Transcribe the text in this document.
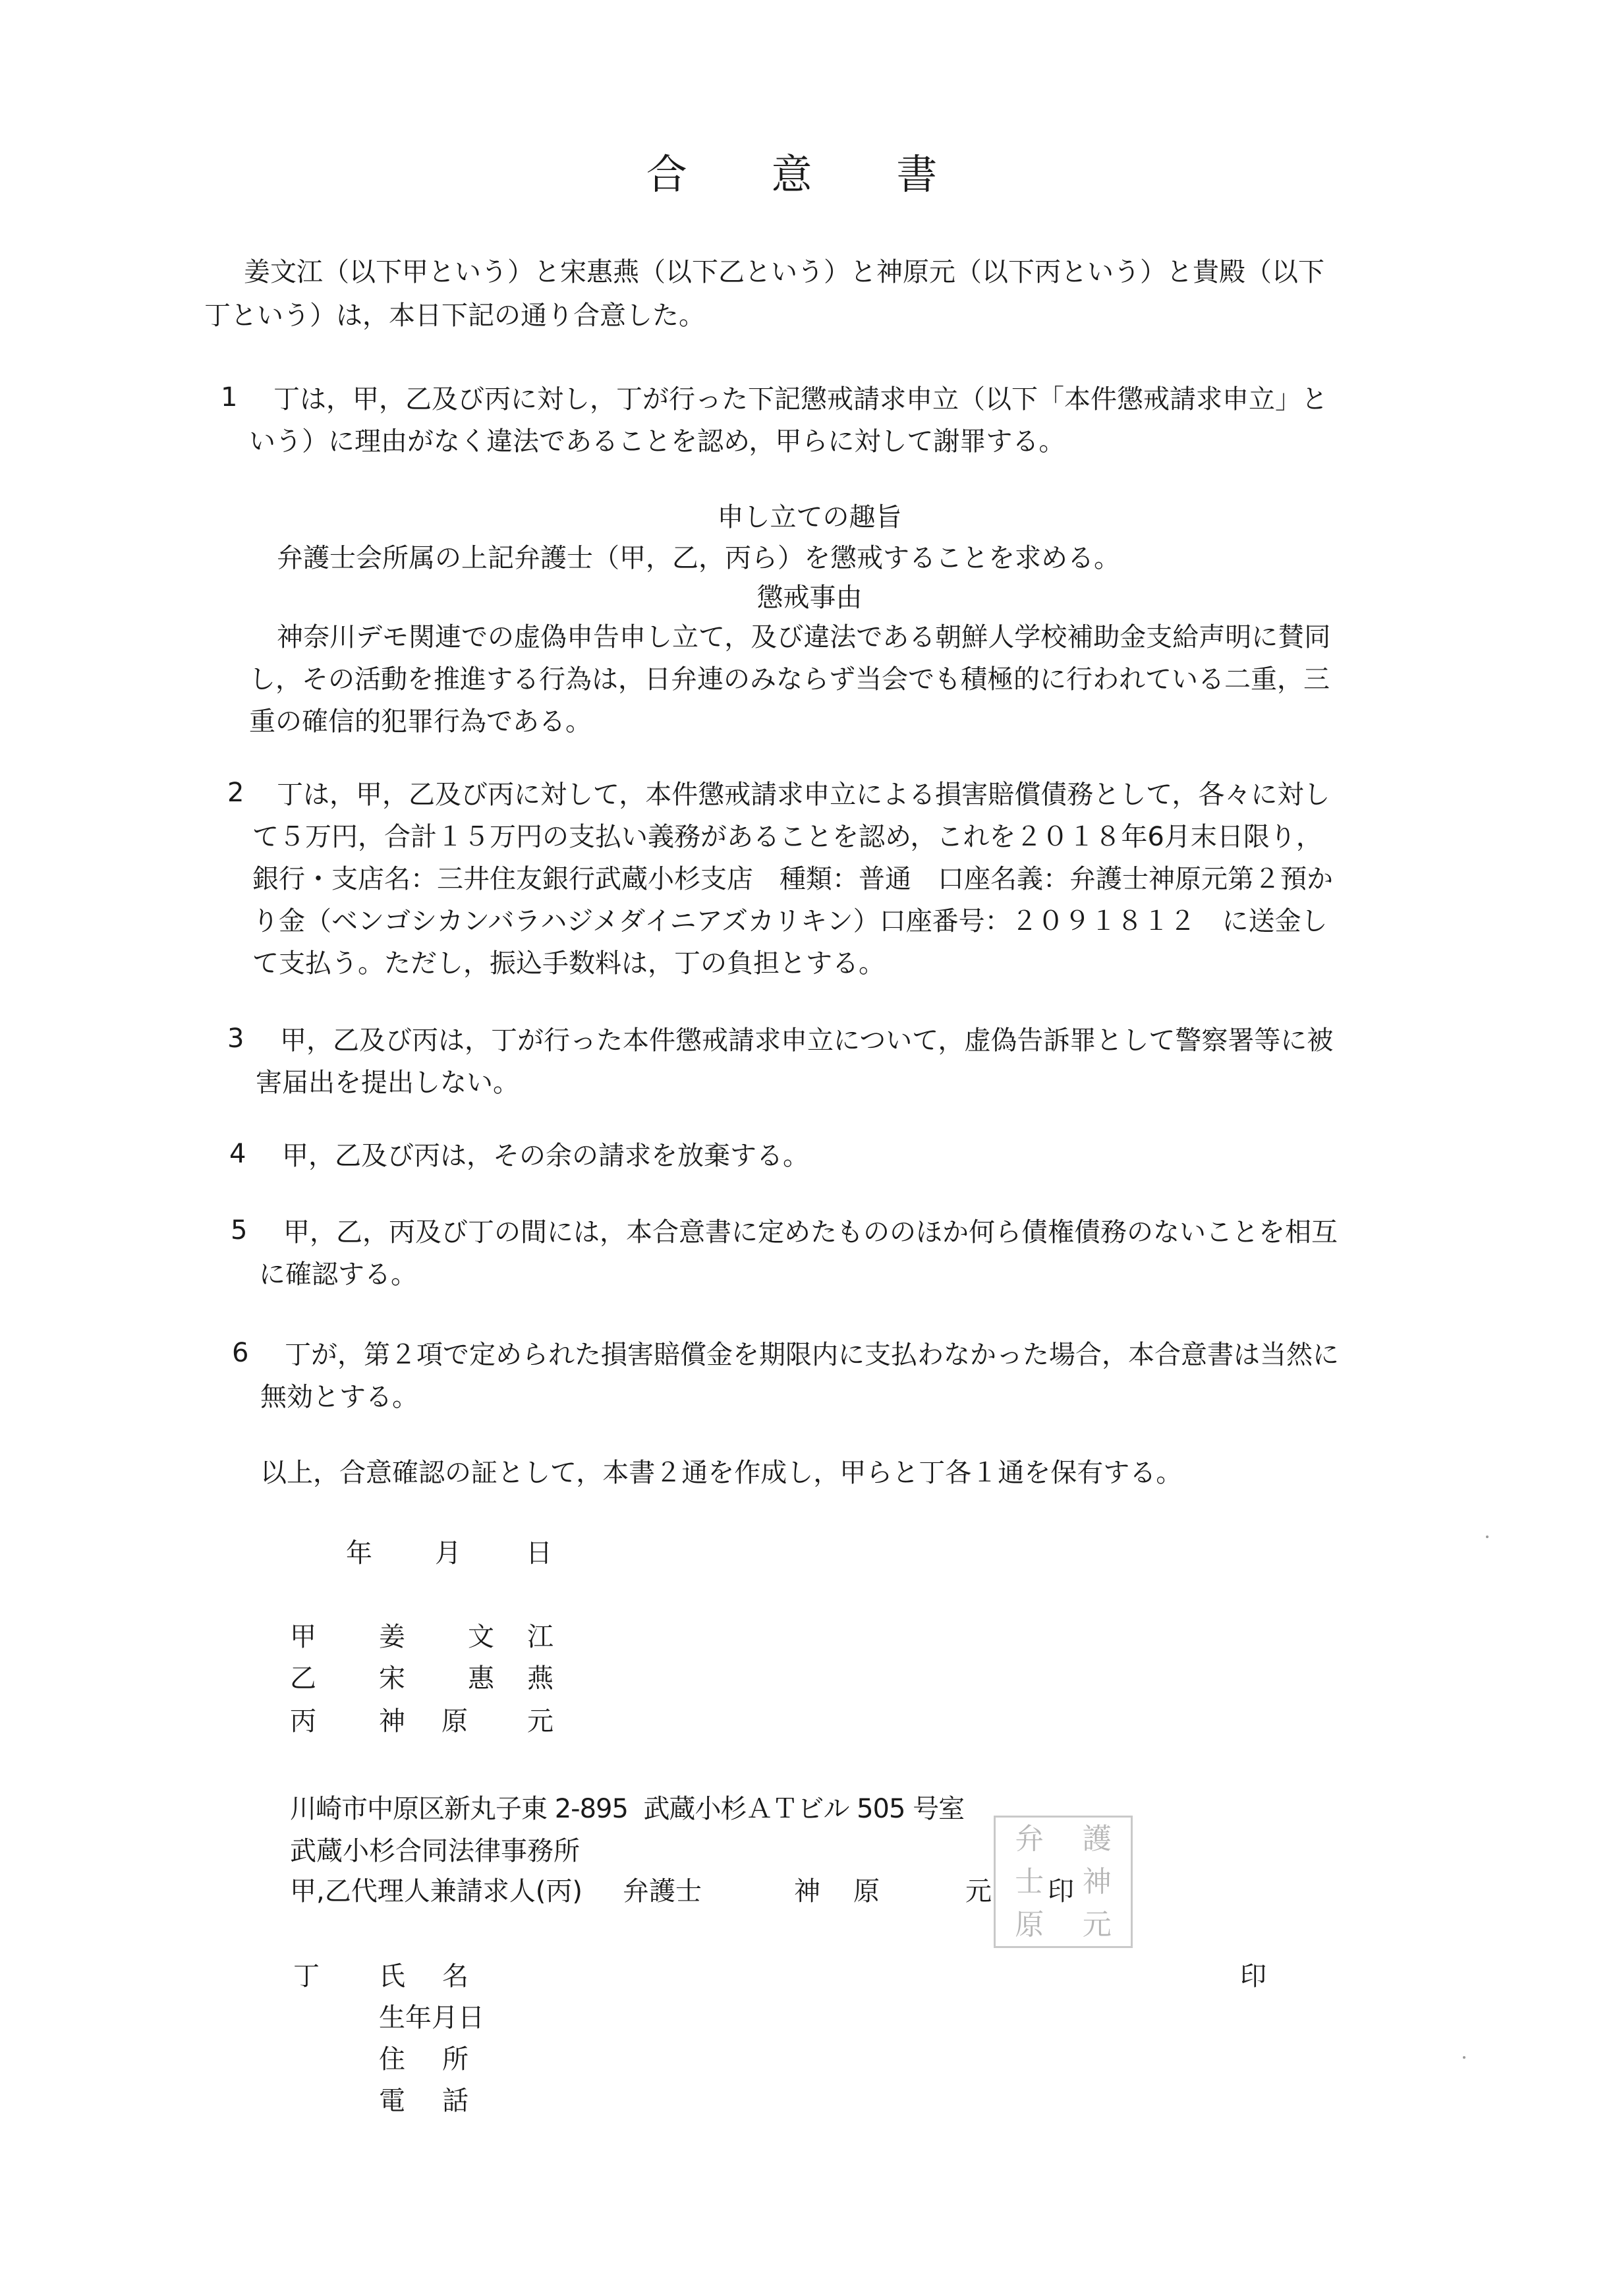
合 意 書
姜文江（以下甲という）と宋惠燕（以下乙という）と神原元（以下丙という）と貴殿（以下
丁という）は，本日下記の通り合意した。
1 丁は，甲，乙及び丙に対し，丁が行った下記懲戒請求申立（以下「本件懲戒請求申立」と
いう）に理由がなく違法であることを認め，甲らに対して謝罪する。
申し立ての趣旨
弁護士会所属の上記弁護士（甲，乙，丙ら）を懲戒することを求める。
懲戒事由
神奈川デモ関連での虚偽申告申し立て，及び違法である朝鮮人学校補助金支給声明に賛同
し，その活動を推進する行為は，日弁連のみならず当会でも積極的に行われている二重，三
重の確信的犯罪行為である。
2 丁は，甲，乙及び丙に対して，本件懲戒請求申立による損害賠償債務として，各々に対し
て５万円，合計１５万円の支払い義務があることを認め，これを２０１８年6月末日限り，
銀行・支店名：三井住友銀行武蔵小杉支店　種類：普通　口座名義：弁護士神原元第２預か
り金（ベンゴシカンバラハジメダイニアズカリキン）口座番号：２０９１８１２　に送金し
て支払う。ただし，振込手数料は，丁の負担とする。
3 甲，乙及び丙は，丁が行った本件懲戒請求申立について，虚偽告訴罪として警察署等に被
害届出を提出しない。
4 甲，乙及び丙は，その余の請求を放棄する。
5 甲，乙，丙及び丁の間には，本合意書に定めたもののほか何ら債権債務のないことを相互
に確認する。
6 丁が，第２項で定められた損害賠償金を期限内に支払わなかった場合，本合意書は当然に
無効とする。
以上，合意確認の証として，本書２通を作成し，甲らと丁各１通を保有する。
年 月 日
甲 姜 文 江
乙 宋 惠 燕
丙 神 原 元
川崎市中原区新丸子東 2-895  武蔵小杉ＡＴビル 505 号室
武蔵小杉合同法律事務所
甲,乙代理人兼請求人(丙) 弁護士	神 原	元
弁 護
士 神
原 元
印
丁 氏　名	印
生年月日
住　所
電　話
